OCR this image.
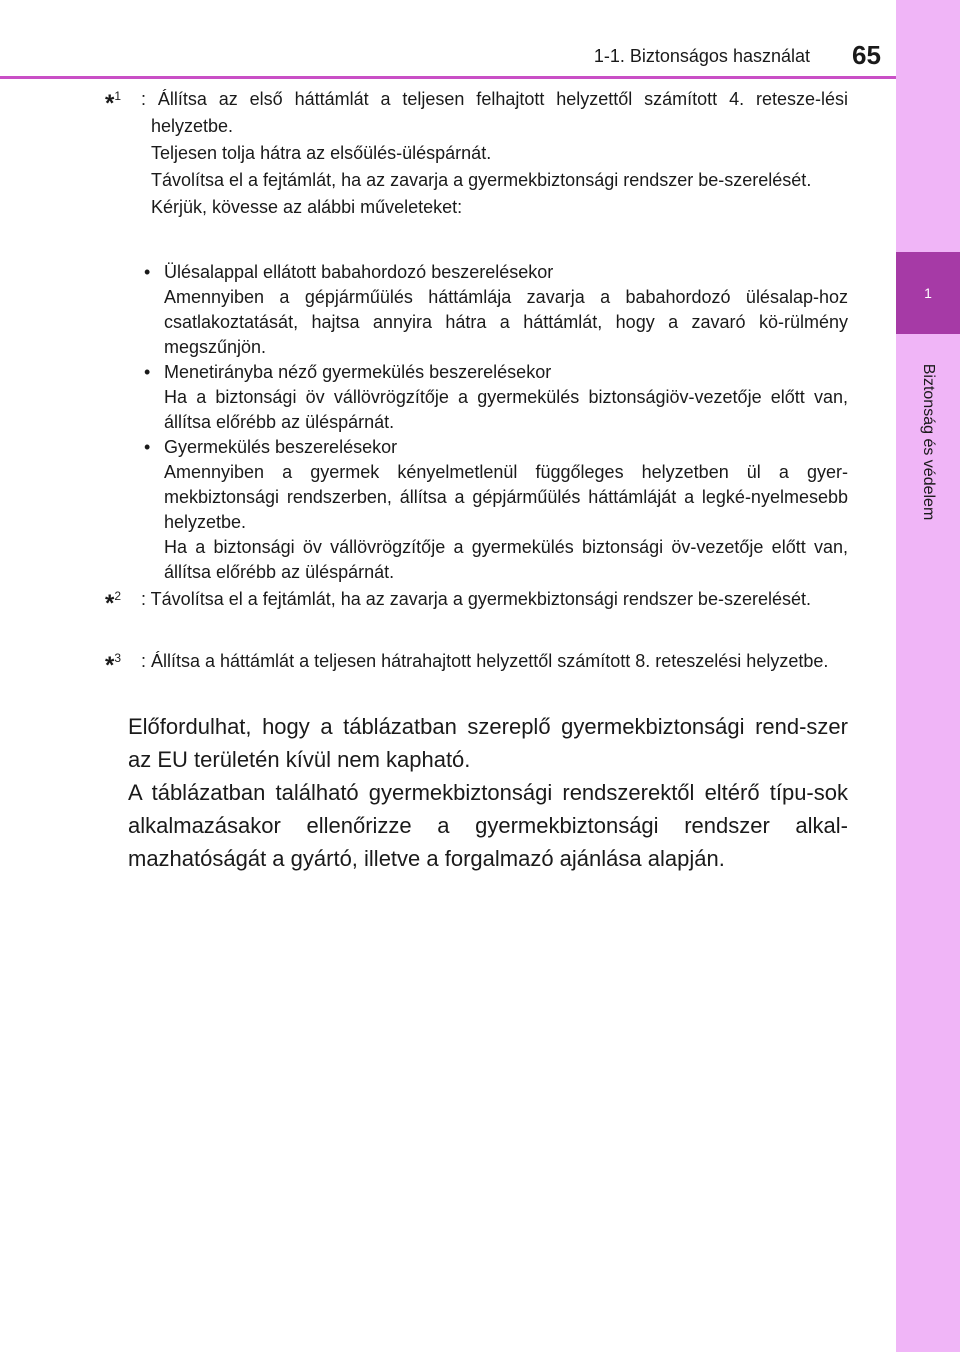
1
Biztonság és védelem
1-1. Biztonságos használat 65
*$^1$ : Állítsa az első háttámlát a teljesen felhajtott helyzettől számított 4. retesze-lési helyzetbe.
Teljesen tolja hátra az elsőülés-üléspárnát.
Távolítsa el a fejtámlát, ha az zavarja a gyermekbiztonsági rendszer be-szerelését.
Kérjük, kövesse az alábbi műveleteket:
• Ülésalappal ellátott babahordozó beszerelésekor
Amennyiben a gépjárműülés háttámlája zavarja a babahordozó ülésalap-hoz csatlakoztatását, hajtsa annyira hátra a háttámlát, hogy a zavaró kö-rülmény megszűnjön.
• Menetirányba néző gyermekülés beszerelésekor
Ha a biztonsági öv vállövrögzítője a gyermekülés biztonságiöv-vezetője előtt van, állítsa előrébb az üléspárnát.
• Gyermekülés beszerelésekor
Amennyiben a gyermek kényelmetlenül függőleges helyzetben ül a gyer-mekbiztonsági rendszerben, állítsa a gépjárműülés háttámláját a legké-nyelmesebb helyzetbe.
Ha a biztonsági öv vállövrögzítője a gyermekülés biztonsági öv-vezetője előtt van, állítsa előrébb az üléspárnát.
*$^2$ : Távolítsa el a fejtámlát, ha az zavarja a gyermekbiztonsági rendszer be-szerelését.
*$^3$ : Állítsa a háttámlát a teljesen hátrahajtott helyzettől számított 8. reteszelési helyzetbe.
Előfordulhat, hogy a táblázatban szereplő gyermekbiztonsági rend-szer az EU területén kívül nem kapható.
A táblázatban található gyermekbiztonsági rendszerektől eltérő típu-sok alkalmazásakor ellenőrizze a gyermekbiztonsági rendszer alkal-mazhatóságát a gyártó, illetve a forgalmazó ajánlása alapján.
